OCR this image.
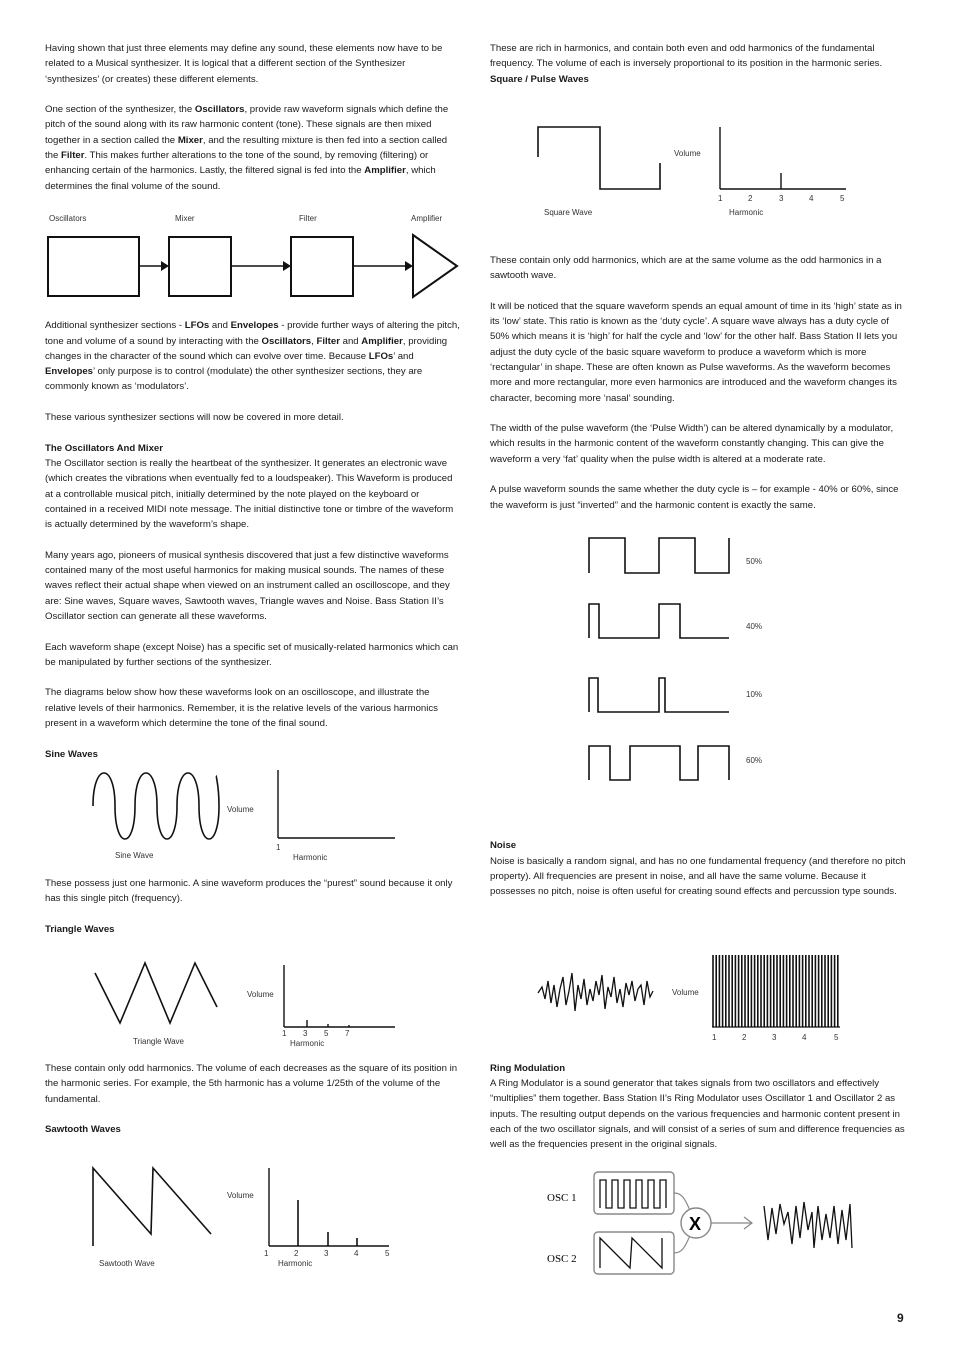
Having shown that just three elements may define any sound, these elements now have to be related to a Musical synthesizer. It is logical that a different section of the Synthesizer ‘synthesizes’ (or creates) these different elements.

One section of the synthesizer, the Oscillators, provide raw waveform signals which define the pitch of the sound along with its raw harmonic content (tone). These signals are then mixed together in a section called the Mixer, and the resulting mixture is then fed into a section called the Filter. This makes further alterations to the tone of the sound, by removing (filtering) or enhancing certain of the harmonics. Lastly, the filtered signal is fed into the Amplifier, which determines the final volume of the sound.

Oscillators	Mixer	Filter	Amplifier

Additional synthesizer sections - LFOs and Envelopes - provide further ways of altering the pitch, tone and volume of a sound by interacting with the Oscillators, Filter and Amplifier, providing changes in the character of the sound which can evolve over time. Because LFOs’ and Envelopes’ only purpose is to control (modulate) the other synthesizer sections, they are commonly known as ‘modulators’.

These various synthesizer sections will now be covered in more detail.

The Oscillators And Mixer

The Oscillator section is really the heartbeat of the synthesizer. It generates an electronic wave (which creates the vibrations when eventually fed to a loudspeaker). This Waveform is produced at a controllable musical pitch, initially determined by the note played on the keyboard or contained in a received MIDI note message. The initial distinctive tone or timbre of the waveform is actually determined by the waveform’s shape.

Many years ago, pioneers of musical synthesis discovered that just a few distinctive waveforms contained many of the most useful harmonics for making musical sounds. The names of these waves reflect their actual shape when viewed on an instrument called an oscilloscope, and they are: Sine waves, Square waves, Sawtooth waves, Triangle waves and Noise. Bass Station II’s Oscillator section can generate all these waveforms.

Each waveform shape (except Noise) has a specific set of musically-related harmonics which can be manipulated by further sections of the synthesizer.

The diagrams below show how these waveforms look on an oscilloscope, and illustrate the relative levels of their harmonics. Remember, it is the relative levels of the various harmonics present in a waveform which determine the tone of the final sound.

Sine Waves
Sine Wave
Volume
1
Harmonic

These possess just one harmonic. A sine waveform produces the “purest” sound because it only has this single pitch (frequency).

Triangle Waves
Triangle Wave
Volume
1 3 5 7
Harmonic

These contain only odd harmonics. The volume of each decreases as the square of its position in the harmonic series. For example, the 5th harmonic has a volume 1/25th of the volume of the fundamental.

Sawtooth Waves
Sawtooth Wave
Volume
1	2	3	4	5
Harmonic

These are rich in harmonics, and contain both even and odd harmonics of the fundamental frequency. The volume of each is inversely proportional to its position in the harmonic series.

Square / Pulse Waves
Square Wave
Volume
1	2	3	4	5
Harmonic

These contain only odd harmonics, which are at the same volume as the odd harmonics in a sawtooth wave.

It will be noticed that the square waveform spends an equal amount of time in its ‘high’ state as in its ‘low’ state. This ratio is known as the ‘duty cycle’. A square wave always has a duty cycle of 50% which means it is ‘high’ for half the cycle and ‘low’ for the other half. Bass Station II lets you adjust the duty cycle of the basic square waveform to produce a waveform which is more ‘rectangular’ in shape. These are often known as Pulse waveforms. As the waveform becomes more and more rectangular, more even harmonics are introduced and the waveform changes its character, becoming more ‘nasal’ sounding.

The width of the pulse waveform (the ‘Pulse Width’) can be altered dynamically by a modulator, which results in the harmonic content of the waveform constantly changing. This can give the waveform a very ‘fat’ quality when the pulse width is altered at a moderate rate.

A pulse waveform sounds the same whether the duty cycle is – for example - 40% or 60%, since the waveform is just “inverted” and the harmonic content is exactly the same.

50%
40%
10%
60%
Noise

Noise is basically a random signal, and has no one fundamental frequency (and therefore no pitch property). All frequencies are present in noise, and all have the same volume. Because it possesses no pitch, noise is often useful for creating sound effects and percussion type sounds.

Volume
1	2	3	4	5
Ring Modulation

A Ring Modulator is a sound generator that takes signals from two oscillators and effectively “multiplies” them together. Bass Station II’s Ring Modulator uses Oscillator 1 and Oscillator 2 as inputs. The resulting output depends on the various frequencies and harmonic content present in each of the two oscillator signals, and will consist of a series of sum and difference frequencies as well as the frequencies present in the original signals.

OSC 1
OSC 2
X
9
